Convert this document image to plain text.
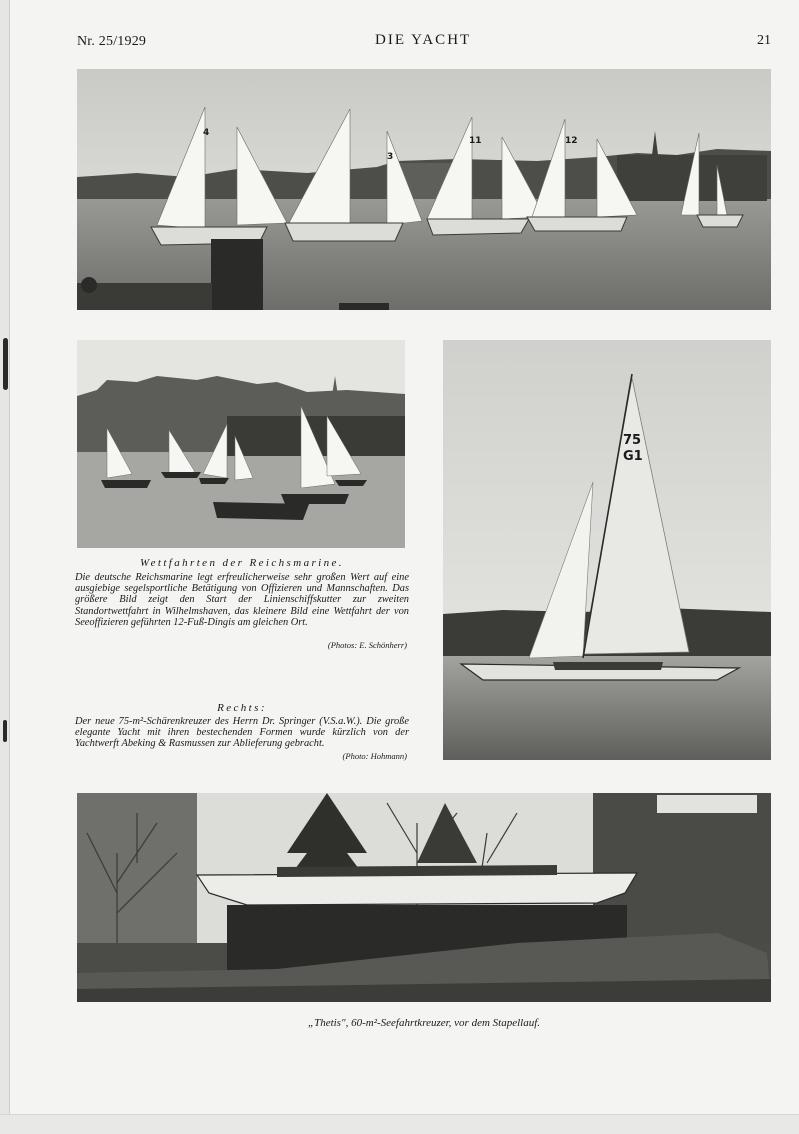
Nr. 25/1929	DIE YACHT	21
4
3
11	12
Wettfahrten der Reichsmarine.
Die deutsche Reichsmarine legt erfreulicherweise sehr großen Wert auf eine ausgiebige segelsportliche Betätigung von Offizieren und Mannschaften. Das größere Bild zeigt den Start der Linienschiffskutter zur zweiten Standortwettfahrt in Wilhelmshaven, das kleinere Bild eine Wettfahrt der von Seeoffizieren geführten 12-Fuß-Dingis am gleichen Ort.
(Photos: E. Schönherr)
Rechts:
Der neue 75-m²-Schärenkreuzer des Herrn Dr. Springer (V.S.a.W.). Die große elegante Yacht mit ihren bestechenden Formen wurde kürzlich von der Yachtwerft Abeking & Rasmussen zur Ablieferung gebracht.
(Photo: Hohmann)
75
G1
„Thetis", 60-m²-Seefahrtkreuzer, vor dem Stapellauf.
